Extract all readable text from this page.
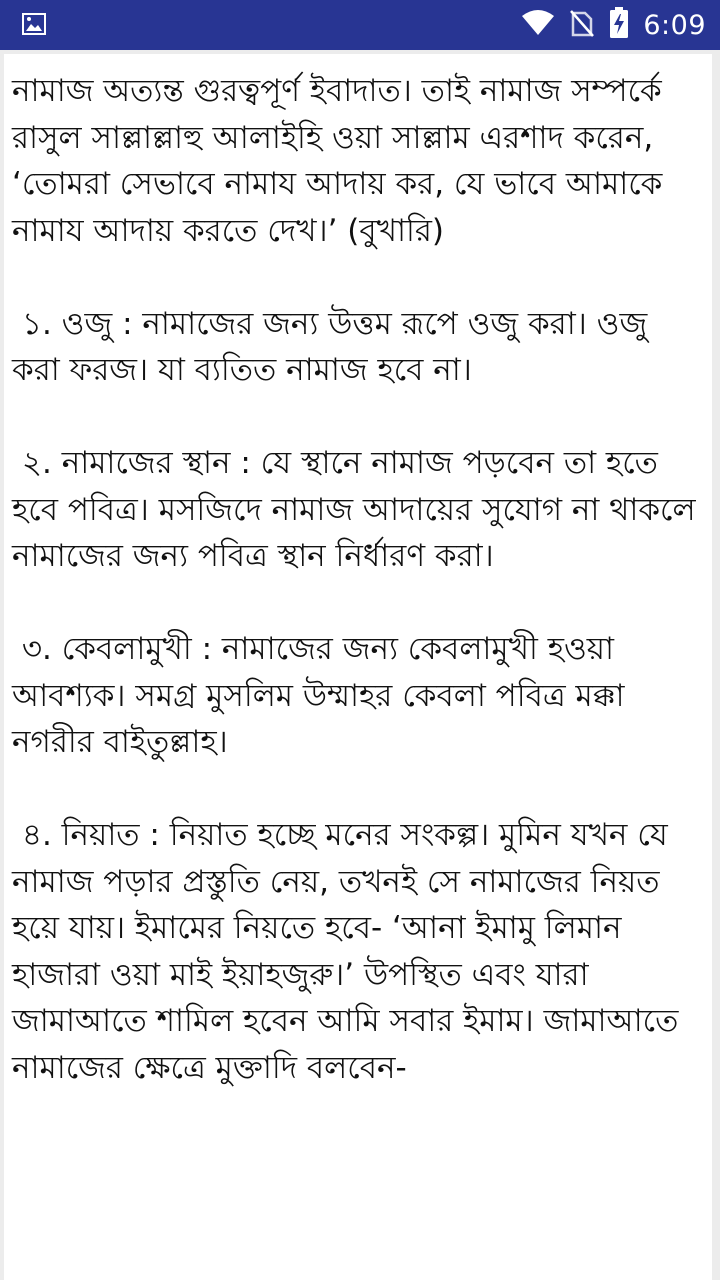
6:09

নামাজ অত্যন্ত গুরত্বপূর্ণ ইবাদাত। তাই নামাজ সম্পর্কে রাসুল সাল্লাল্লাহু আলাইহি ওয়া সাল্লাম এরশাদ করেন, ‘তোমরা সেভাবে নামায আদায় কর, যে ভাবে আমাকে নামায আদায় করতে দেখ।’ (বুখারি)

১. ওজু : নামাজের জন্য উত্তম রূপে ওজু করা। ওজু করা ফরজ। যা ব্যতিত নামাজ হবে না।

২. নামাজের স্থান : যে স্থানে নামাজ পড়বেন তা হতে হবে পবিত্র। মসজিদে নামাজ আদায়ের সুযোগ না থাকলে নামাজের জন্য পবিত্র স্থান নির্ধারণ করা।

৩. কেবলামুখী : নামাজের জন্য কেবলামুখী হওয়া আবশ্যক। সমগ্র মুসলিম উম্মাহর কেবলা পবিত্র মক্কা নগরীর বাইতুল্লাহ।

৪. নিয়াত : নিয়াত হচ্ছে মনের সংকল্প। মুমিন যখন যে নামাজ পড়ার প্রস্তুতি নেয়, তখনই সে নামাজের নিয়ত হয়ে যায়। ইমামের নিয়তে হবে- ‘আনা ইমামু লিমান হাজারা ওয়া মাই ইয়াহজুরু।’ উপস্থিত এবং যারা জামাআতে শামিল হবেন আমি সবার ইমাম। জামাআতে নামাজের ক্ষেত্রে মুক্তাদি বলবেন-
